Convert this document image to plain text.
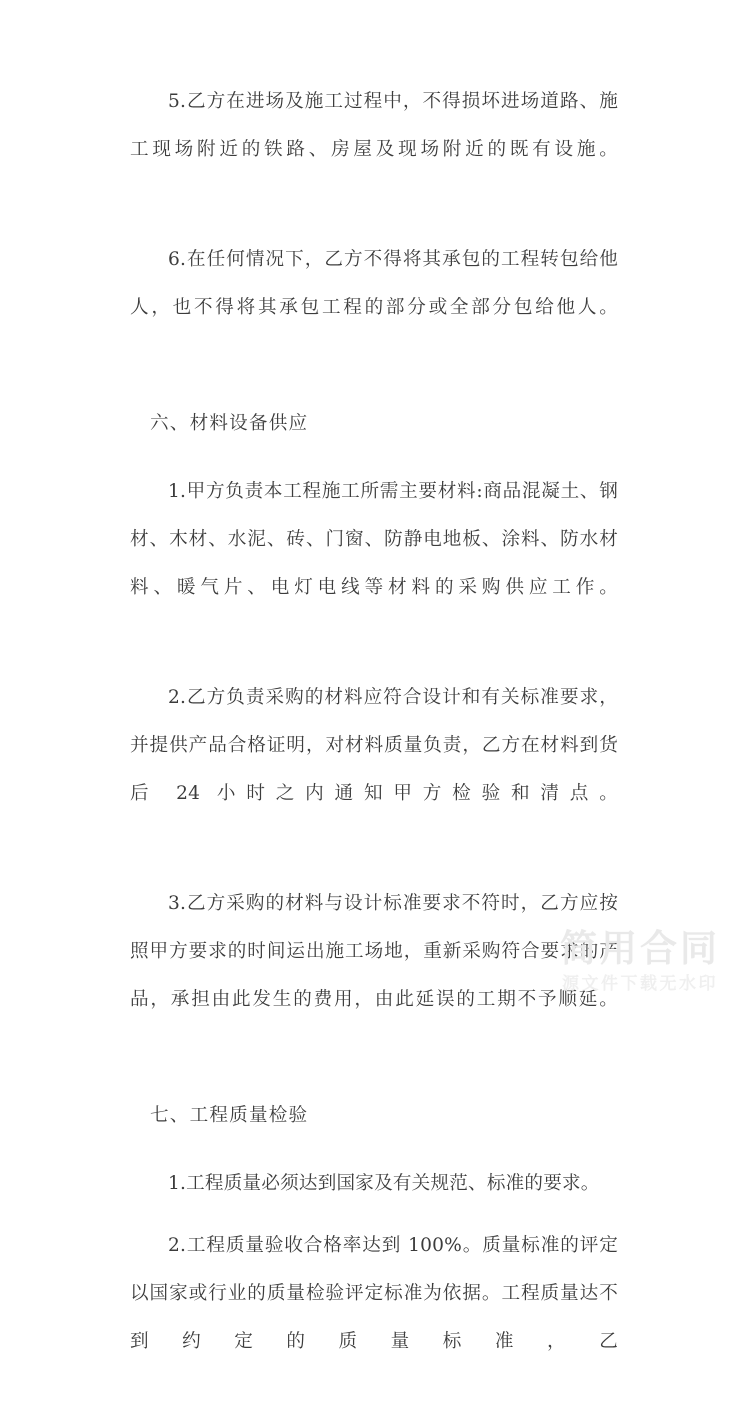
5.乙方在进场及施工过程中，不得损坏进场道路、施工现场附近的铁路、房屋及现场附近的既有设施。

6.在任何情况下，乙方不得将其承包的工程转包给他人，也不得将其承包工程的部分或全部分包给他人。

六、材料设备供应

1.甲方负责本工程施工所需主要材料:商品混凝土、钢材、木材、水泥、砖、门窗、防静电地板、涂料、防水材料、暖气片、电灯电线等材料的采购供应工作。

2.乙方负责采购的材料应符合设计和有关标准要求，并提供产品合格证明，对材料质量负责，乙方在材料到货后 24 小时之内通知甲方检验和清点。

3.乙方采购的材料与设计标准要求不符时，乙方应按照甲方要求的时间运出施工场地，重新采购符合要求的产品，承担由此发生的费用，由此延误的工期不予顺延。

七、工程质量检验

1.工程质量必须达到国家及有关规范、标准的要求。

2.工程质量验收合格率达到 100%。质量标准的评定以国家或行业的质量检验评定标准为依据。工程质量达不到约定的质量标准，乙

简用合同
源文件下载无水印
